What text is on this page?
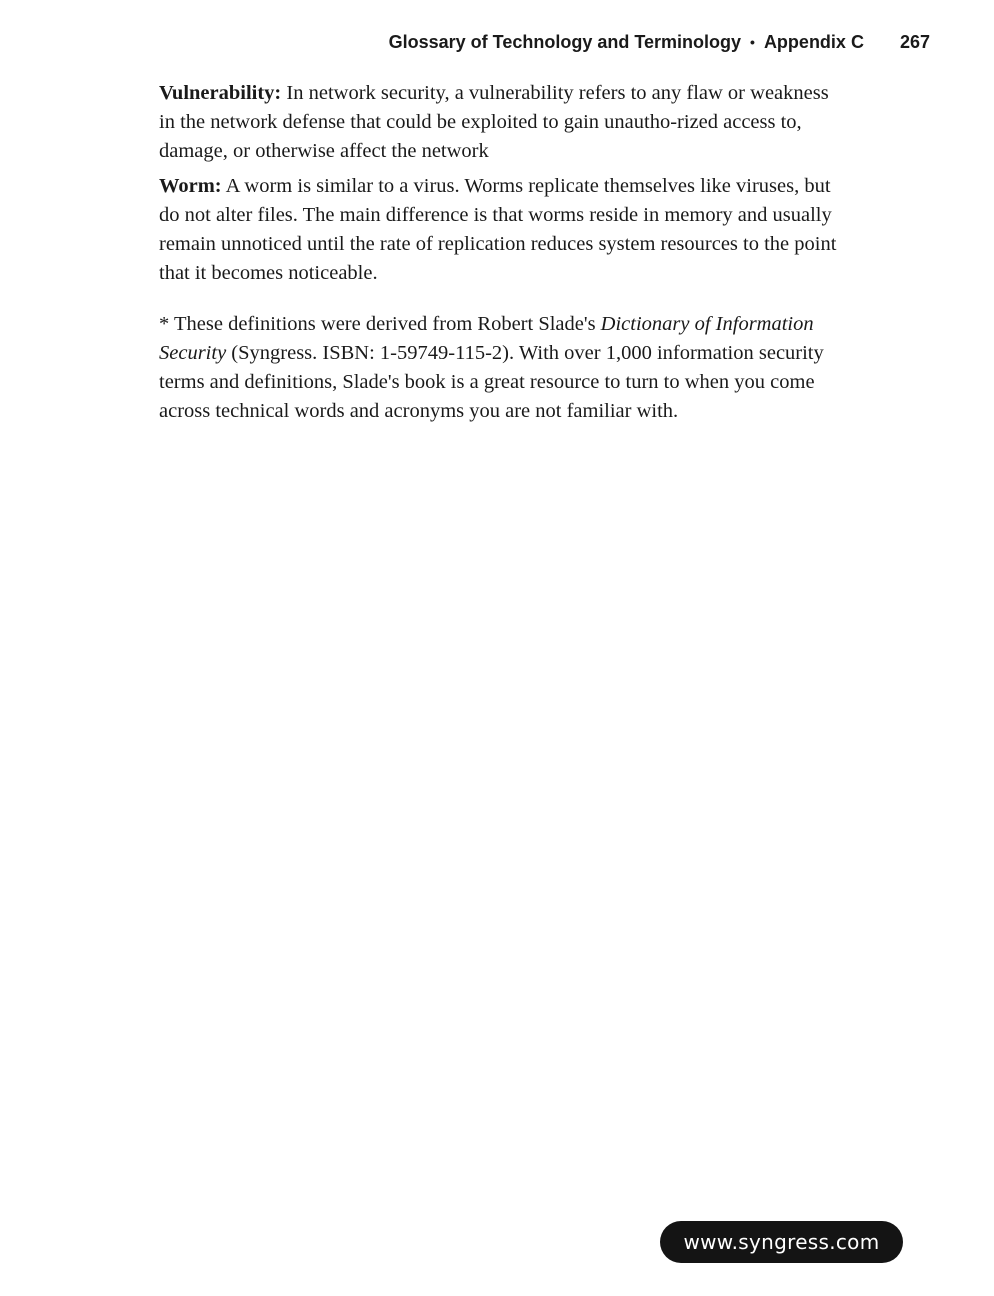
Glossary of Technology and Terminology • Appendix C 267

Vulnerability: In network security, a vulnerability refers to any flaw or weakness in the network defense that could be exploited to gain unautho-rized access to, damage, or otherwise affect the network

Worm: A worm is similar to a virus. Worms replicate themselves like viruses, but do not alter files. The main difference is that worms reside in memory and usually remain unnoticed until the rate of replication reduces system resources to the point that it becomes noticeable.

* These definitions were derived from Robert Slade's Dictionary of Information Security (Syngress. ISBN: 1-59749-115-2). With over 1,000 information security terms and definitions, Slade's book is a great resource to turn to when you come across technical words and acronyms you are not familiar with.

www.syngress.com
